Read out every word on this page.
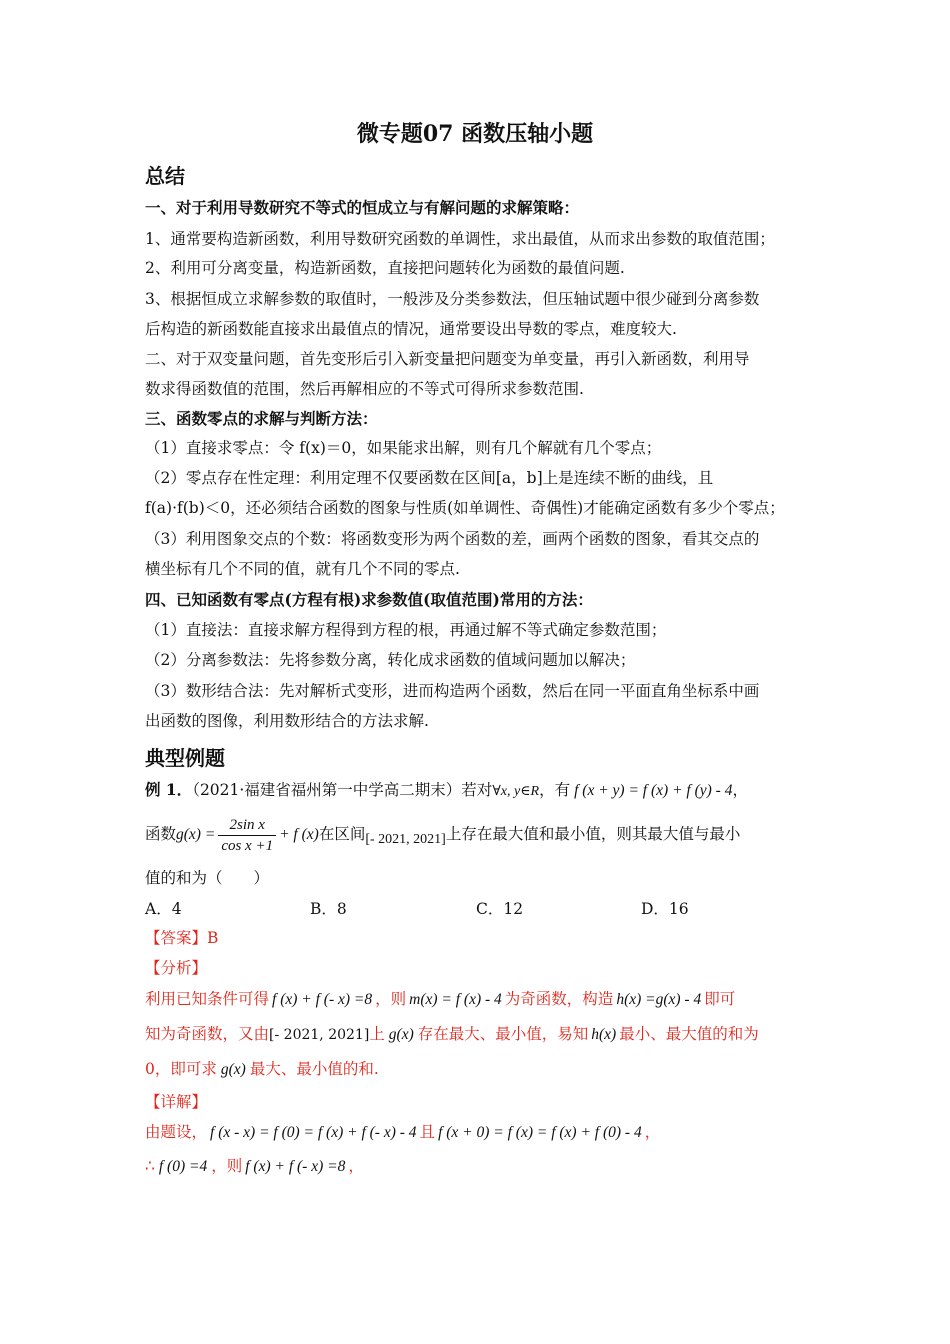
微专题07 函数压轴小题
总结
一、对于利用导数研究不等式的恒成立与有解问题的求解策略：
1、通常要构造新函数，利用导数研究函数的单调性，求出最值，从而求出参数的取值范围；
2、利用可分离变量，构造新函数，直接把问题转化为函数的最值问题.
3、根据恒成立求解参数的取值时，一般涉及分类参数法，但压轴试题中很少碰到分离参数
后构造的新函数能直接求出最值点的情况，通常要设出导数的零点，难度较大.
二、对于双变量问题，首先变形后引入新变量把问题变为单变量，再引入新函数，利用导
数求得函数值的范围，然后再解相应的不等式可得所求参数范围.
三、函数零点的求解与判断方法：
（1）直接求零点：令 f(x)＝0，如果能求出解，则有几个解就有几个零点；
（2）零点存在性定理：利用定理不仅要函数在区间[a，b]上是连续不断的曲线，且
f(a)·f(b)＜0，还必须结合函数的图象与性质(如单调性、奇偶性)才能确定函数有多少个零点；
（3）利用图象交点的个数：将函数变形为两个函数的差，画两个函数的图象，看其交点的
横坐标有几个不同的值，就有几个不同的零点.
四、已知函数有零点(方程有根)求参数值(取值范围)常用的方法：
（1）直接法：直接求解方程得到方程的根，再通过解不等式确定参数范围；
（2）分离参数法：先将参数分离，转化成求函数的值域问题加以解决；
（3）数形结合法：先对解析式变形，进而构造两个函数，然后在同一平面直角坐标系中画
出函数的图像，利用数形结合的方法求解.
典型例题
例 1．（2021·福建省福州第一中学高二期末）若对∀x, y∈R，有 f (x + y) = f (x) + f (y) - 4，
函数$g(x) = \frac{\text{2sin x}}{\text{cos x +1}} + f$ (x)在区间[- 2021, 2021]上存在最大值和最小值，则其最大值与最小
值的和为（　　）
A．4	B．8	C．12	D．16
【答案】B
【分析】
利用已知条件可得 f (x) + f (- x) =8 ，则 m(x) = f (x) - 4 为奇函数，构造 h(x) =g(x) - 4 即可
知为奇函数，又由[- 2021, 2021]上 g(x) 存在最大、最小值，易知 h(x) 最小、最大值的和为
0，即可求 g(x) 最大、最小值的和.
【详解】
由题设， f (x - x) = f (0) = f (x) + f (- x) - 4 且 f (x + 0) = f (x) = f (x) + f (0) - 4 ，
∴ f (0) =4 ，则 f (x) + f (- x) =8 ，
